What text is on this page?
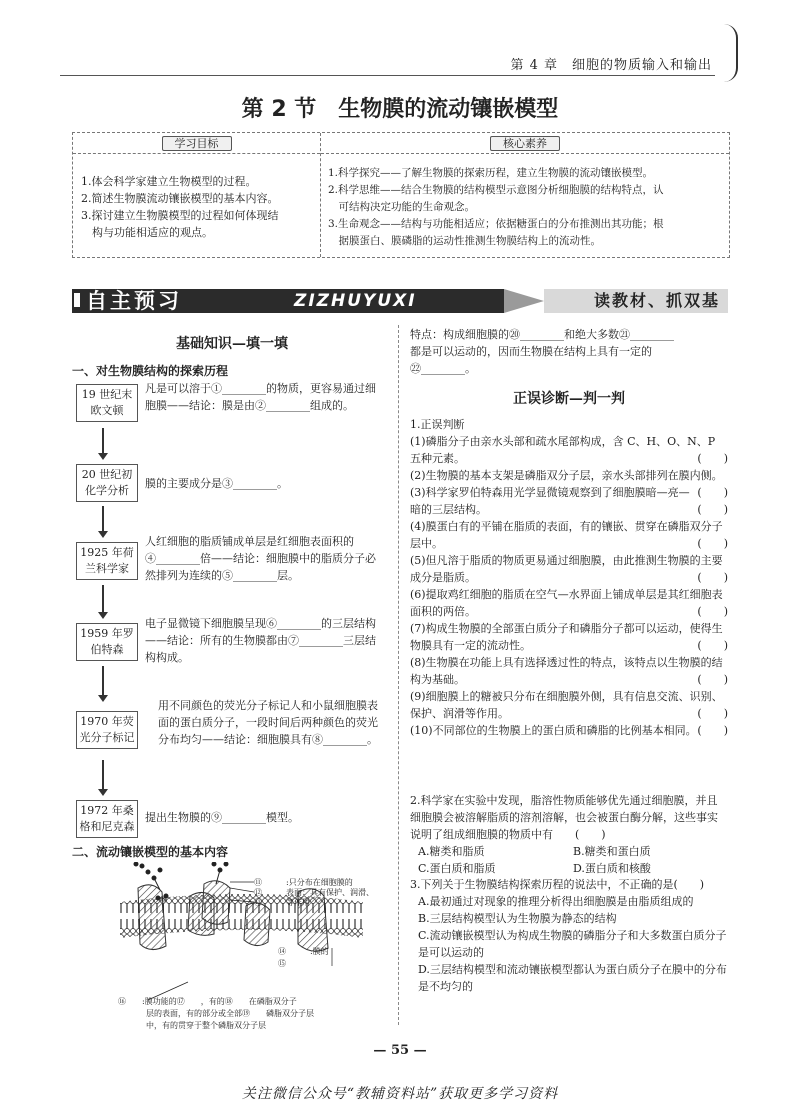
第 4 章　细胞的物质输入和输出
第 2 节　生物膜的流动镶嵌模型
学习目标	核心素养
1.体会科学家建立生物模型的过程。
2.简述生物膜流动镶嵌模型的基本内容。
3.探讨建立生物膜模型的过程如何体现结
　构与功能相适应的观点。
1.科学探究——了解生物膜的探索历程，建立生物膜的流动镶嵌模型。
2.科学思维——结合生物膜的结构模型示意图分析细胞膜的结构特点，认
　可结构决定功能的生命观念。
3.生命观念——结构与功能相适应；依据糖蛋白的分布推测出其功能；根
　据膜蛋白、膜磷脂的运动性推测生物膜结构上的流动性。
自主预习	ZIZHUYUXI	读教材、抓双基
基础知识—填一填
一、对生物膜结构的探索历程
19 世纪末欧文顿
凡是可以溶于①________的物质，更容易通过细胞膜——结论：膜是由②________组成的。
20 世纪初化学分析
膜的主要成分是③________。
1925 年荷兰科学家
人红细胞的脂质铺成单层是红细胞表面积的④________倍——结论：细胞膜中的脂质分子必然排列为连续的⑤________层。
1959 年罗伯特森
电子显微镜下细胞膜呈现⑥________的三层结构——结论：所有的生物膜都由⑦________三层结构构成。
1970 年荧光分子标记
用不同颜色的荧光分子标记人和小鼠细胞膜表面的蛋白质分子，一段时间后两种颜色的荧光分布均匀——结论：细胞膜具有⑧________。
1972 年桑格和尼克森
提出生物膜的⑨________模型。
二、流动镶嵌模型的基本内容
⑩
⑪　　　:只分布在细胞膜的
⑫　　　表面；具有保护、润滑、
⑬　　　等作用
⑭　　　:膜的
⑮
⑯　　:膜功能的⑰　　，有的⑱　　在磷脂双分子
层的表面，有的部分或全部⑲　　磷脂双分子层
中，有的贯穿于整个磷脂双分子层
特点：构成细胞膜的⑳________和绝大多数㉑________
都是可以运动的，因而生物膜在结构上具有一定的
㉒________。
正误诊断—判一判
1.正误判断
(1)磷脂分子由亲水头部和疏水尾部构成，含 C、H、O、N、P 五种元素。	(　　)
(2)生物膜的基本支架是磷脂双分子层，亲水头部排列在膜内侧。
(　　)
(3)科学家罗伯特森用光学显微镜观察到了细胞膜暗—亮—暗的三层结构。	(　　)
(4)膜蛋白有的平铺在脂质的表面，有的镶嵌、贯穿在磷脂双分子层中。	(　　)
(5)但凡溶于脂质的物质更易通过细胞膜，由此推测生物膜的主要成分是脂质。	(　　)
(6)提取鸡红细胞的脂质在空气—水界面上铺成单层是其红细胞表面积的两倍。	(　　)
(7)构成生物膜的全部蛋白质分子和磷脂分子都可以运动，使得生物膜具有一定的流动性。	(　　)
(8)生物膜在功能上具有选择透过性的特点，该特点以生物膜的结构为基础。	(　　)
(9)细胞膜上的糖被只分布在细胞膜外侧，具有信息交流、识别、保护、润滑等作用。	(　　)
(10)不同部位的生物膜上的蛋白质和磷脂的比例基本相同。 (　　)
2.科学家在实验中发现，脂溶性物质能够优先通过细胞膜，并且细胞膜会被溶解脂质的溶剂溶解，也会被蛋白酶分解，这些事实说明了组成细胞膜的物质中有　　(　　)
A.糖类和脂质	B.糖类和蛋白质
C.蛋白质和脂质	D.蛋白质和核酸
3.下列关于生物膜结构探索历程的说法中，不正确的是(　　)
A.最初通过对现象的推理分析得出细胞膜是由脂质组成的
B.三层结构模型认为生物膜为静态的结构
C.流动镶嵌模型认为构成生物膜的磷脂分子和大多数蛋白质分子是可以运动的
D.三层结构模型和流动镶嵌模型都认为蛋白质分子在膜中的分布是不均匀的
— 55 —
关注微信公众号“教辅资料站”获取更多学习资料
